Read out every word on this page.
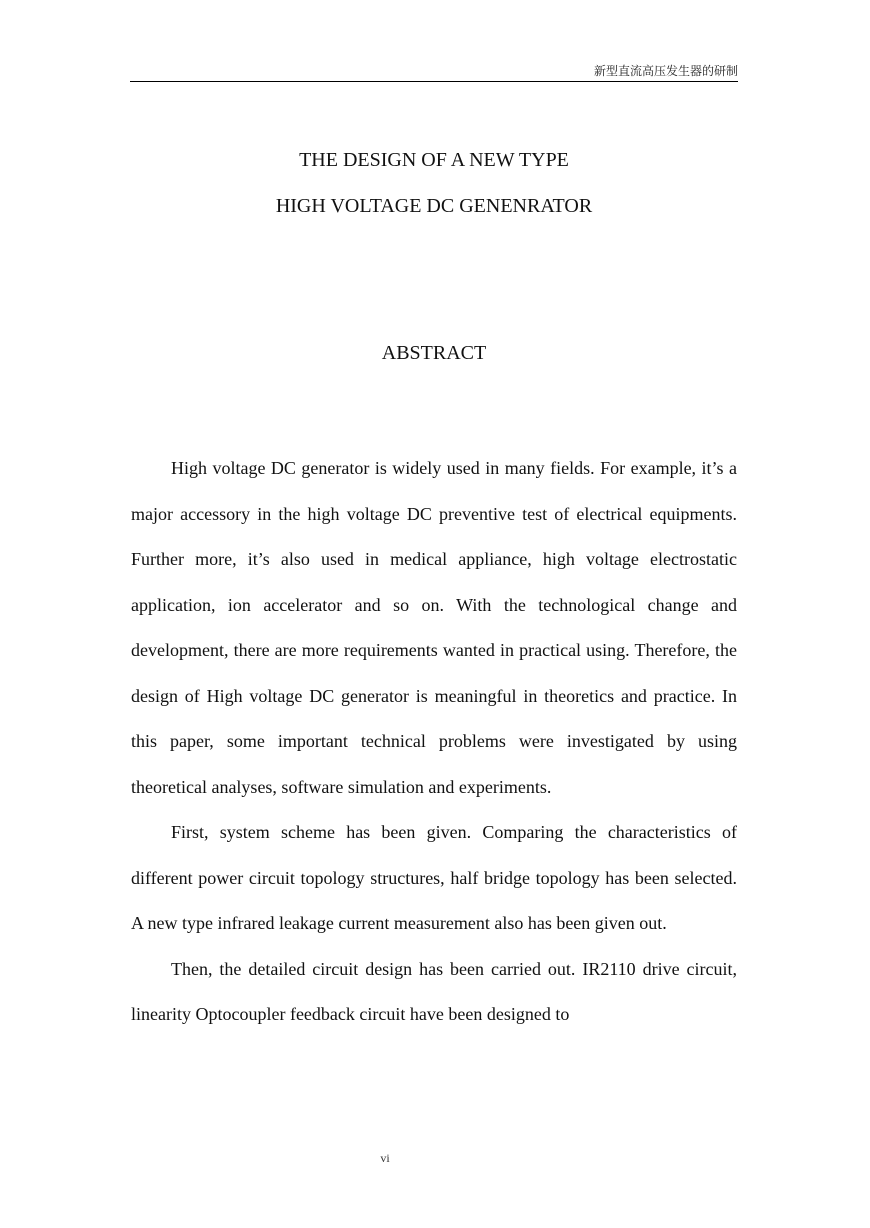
新型直流高压发生器的研制
THE DESIGN OF A NEW TYPE
HIGH VOLTAGE DC GENENRATOR
ABSTRACT

High voltage DC generator is widely used in many fields. For example, it’s a major accessory in the high voltage DC preventive test of electrical equipments. Further more, it’s also used in medical appliance, high voltage electrostatic application, ion accelerator and so on. With the technological change and development, there are more requirements wanted in practical using. Therefore, the design of High voltage DC generator is meaningful in theoretics and practice. In this paper, some important technical problems were investigated by using theoretical analyses, software simulation and experiments.

First, system scheme has been given. Comparing the characteristics of different power circuit topology structures, half bridge topology has been selected. A new type infrared leakage current measurement also has been given out.

Then, the detailed circuit design has been carried out. IR2110 drive circuit, linearity Optocoupler feedback circuit have been designed to

vi
